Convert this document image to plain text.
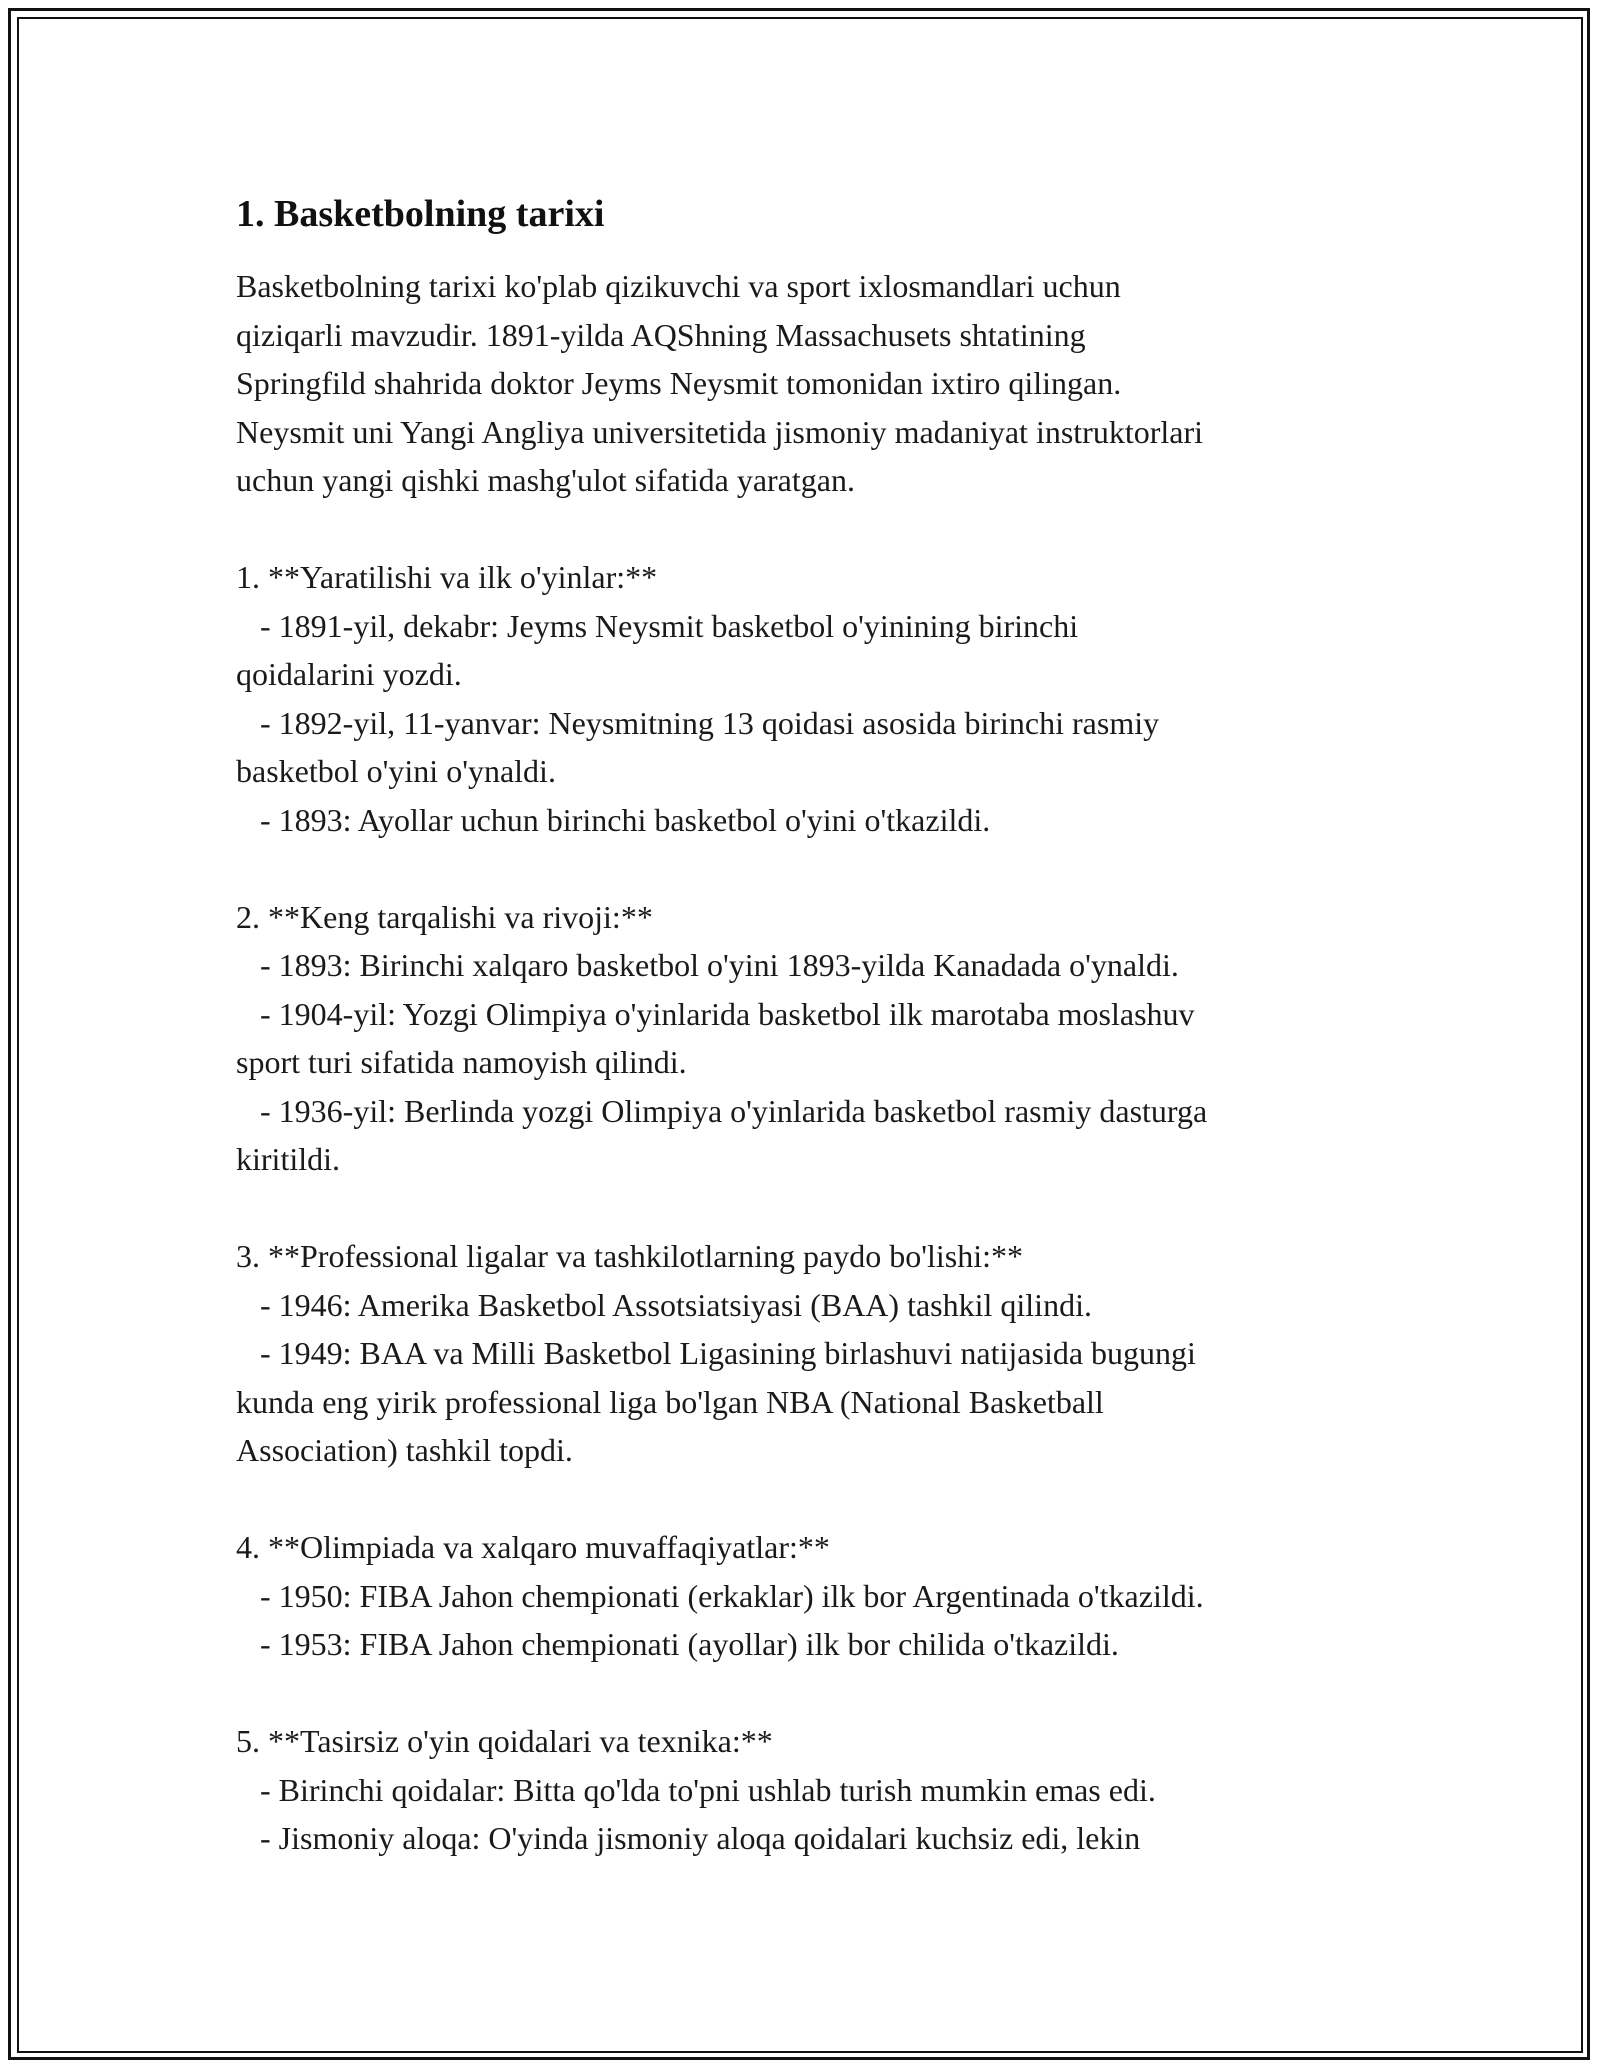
1. Basketbolning tarixi

Basketbolning tarixi ko'plab qizikuvchi va sport ixlosmandlari uchun

qiziqarli mavzudir. 1891-yilda AQShning Massachusets shtatining

Springfild shahrida doktor Jeyms Neysmit tomonidan ixtiro qilingan.

Neysmit uni Yangi Angliya universitetida jismoniy madaniyat instruktorlari

uchun yangi qishki mashg'ulot sifatida yaratgan.

1. **Yaratilishi va ilk o'yinlar:**

- 1891-yil, dekabr: Jeyms Neysmit basketbol o'yinining birinchi

qoidalarini yozdi.

- 1892-yil, 11-yanvar: Neysmitning 13 qoidasi asosida birinchi rasmiy

basketbol o'yini o'ynaldi.

- 1893: Ayollar uchun birinchi basketbol o'yini o'tkazildi.

2. **Keng tarqalishi va rivoji:**

- 1893: Birinchi xalqaro basketbol o'yini 1893-yilda Kanadada o'ynaldi.

- 1904-yil: Yozgi Olimpiya o'yinlarida basketbol ilk marotaba moslashuv

sport turi sifatida namoyish qilindi.

- 1936-yil: Berlinda yozgi Olimpiya o'yinlarida basketbol rasmiy dasturga

kiritildi.

3. **Professional ligalar va tashkilotlarning paydo bo'lishi:**

- 1946: Amerika Basketbol Assotsiatsiyasi (BAA) tashkil qilindi.

- 1949: BAA va Milli Basketbol Ligasining birlashuvi natijasida bugungi

kunda eng yirik professional liga bo'lgan NBA (National Basketball

Association) tashkil topdi.

4. **Olimpiada va xalqaro muvaffaqiyatlar:**

- 1950: FIBA Jahon chempionati (erkaklar) ilk bor Argentinada o'tkazildi.

- 1953: FIBA Jahon chempionati (ayollar) ilk bor chilida o'tkazildi.

5. **Tasirsiz o'yin qoidalari va texnika:**

- Birinchi qoidalar: Bitta qo'lda to'pni ushlab turish mumkin emas edi.

- Jismoniy aloqa: O'yinda jismoniy aloqa qoidalari kuchsiz edi, lekin
